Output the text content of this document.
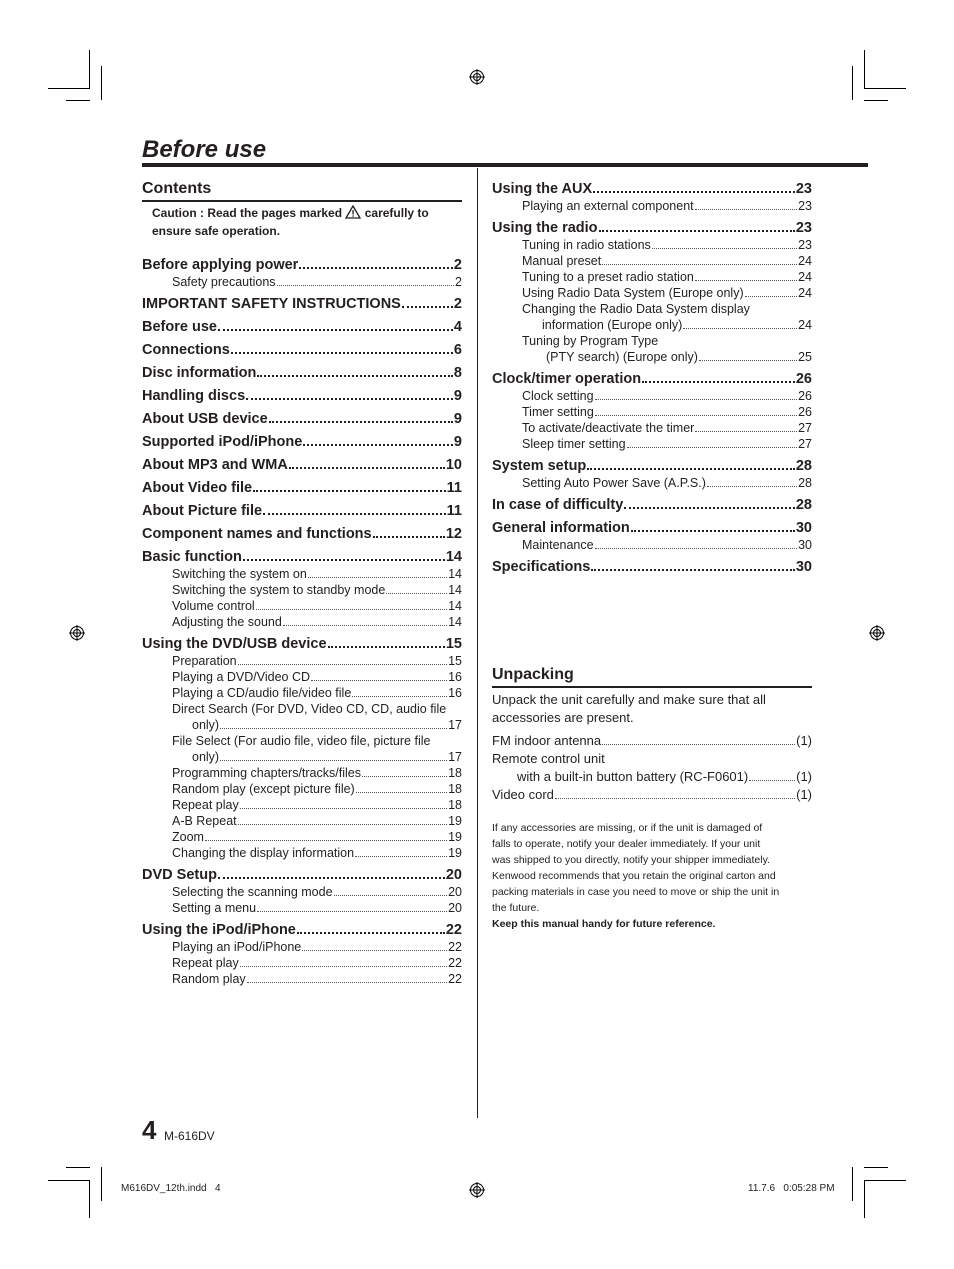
Before use
Contents
Caution : Read the pages marked carefully to
ensure safe operation.
Before applying power	2
Safety precautions	2
IMPORTANT SAFETY INSTRUCTIONS	2
Before use	4
Connections	6
Disc information	8
Handling discs	9
About USB device	9
Supported iPod/iPhone	9
About MP3 and WMA	10
About Video file	11
About Picture file	11
Component names and functions	12
Basic function	14
Switching the system on	14
Switching the system to standby mode	14
Volume control	14
Adjusting the sound	14
Using the DVD/USB device	15
Preparation	15
Playing a DVD/Video CD	16
Playing a CD/audio file/video file	16
Direct Search (For DVD, Video CD, CD, audio file
only)	17
File Select (For audio file, video file, picture file
only)	17
Programming chapters/tracks/files	18
Random play (except picture file)	18
Repeat play	18
A-B Repeat	19
Zoom	19
Changing the display information	19
DVD Setup	20
Selecting the scanning mode	20
Setting a menu	20
Using the iPod/iPhone	22
Playing an iPod/iPhone	22
Repeat play	22
Random play	22
Using the AUX	23
Playing an external component	23
Using the radio	23
Tuning in radio stations	23
Manual preset	24
Tuning to a preset radio station	24
Using Radio Data System (Europe only)	24
Changing the Radio Data System display
information (Europe only)	24
Tuning by Program Type
(PTY search) (Europe only)	25
Clock/timer operation	26
Clock setting	26
Timer setting	26
To activate/deactivate the timer	27
Sleep timer setting	27
System setup	28
Setting Auto Power Save (A.P.S.)	28
In case of difficulty	28
General information	30
Maintenance	30
Specifications	30
Unpacking
Unpack the unit carefully and make sure that all
accessories are present.
FM indoor antenna	(1)
Remote control unit
with a built-in button battery (RC-F0601)	(1)
Video cord	(1)
If any accessories are missing, or if the unit is damaged of
falls to operate, notify your dealer immediately. If your unit
was shipped to you directly, notify your shipper immediately.
Kenwood recommends that you retain the original carton and
packing materials in case you need to move or ship the unit in
the future.
Keep this manual handy for future reference.
4 M-616DV
M616DV_12th.indd   4	11.7.6   0:05:28 PM
